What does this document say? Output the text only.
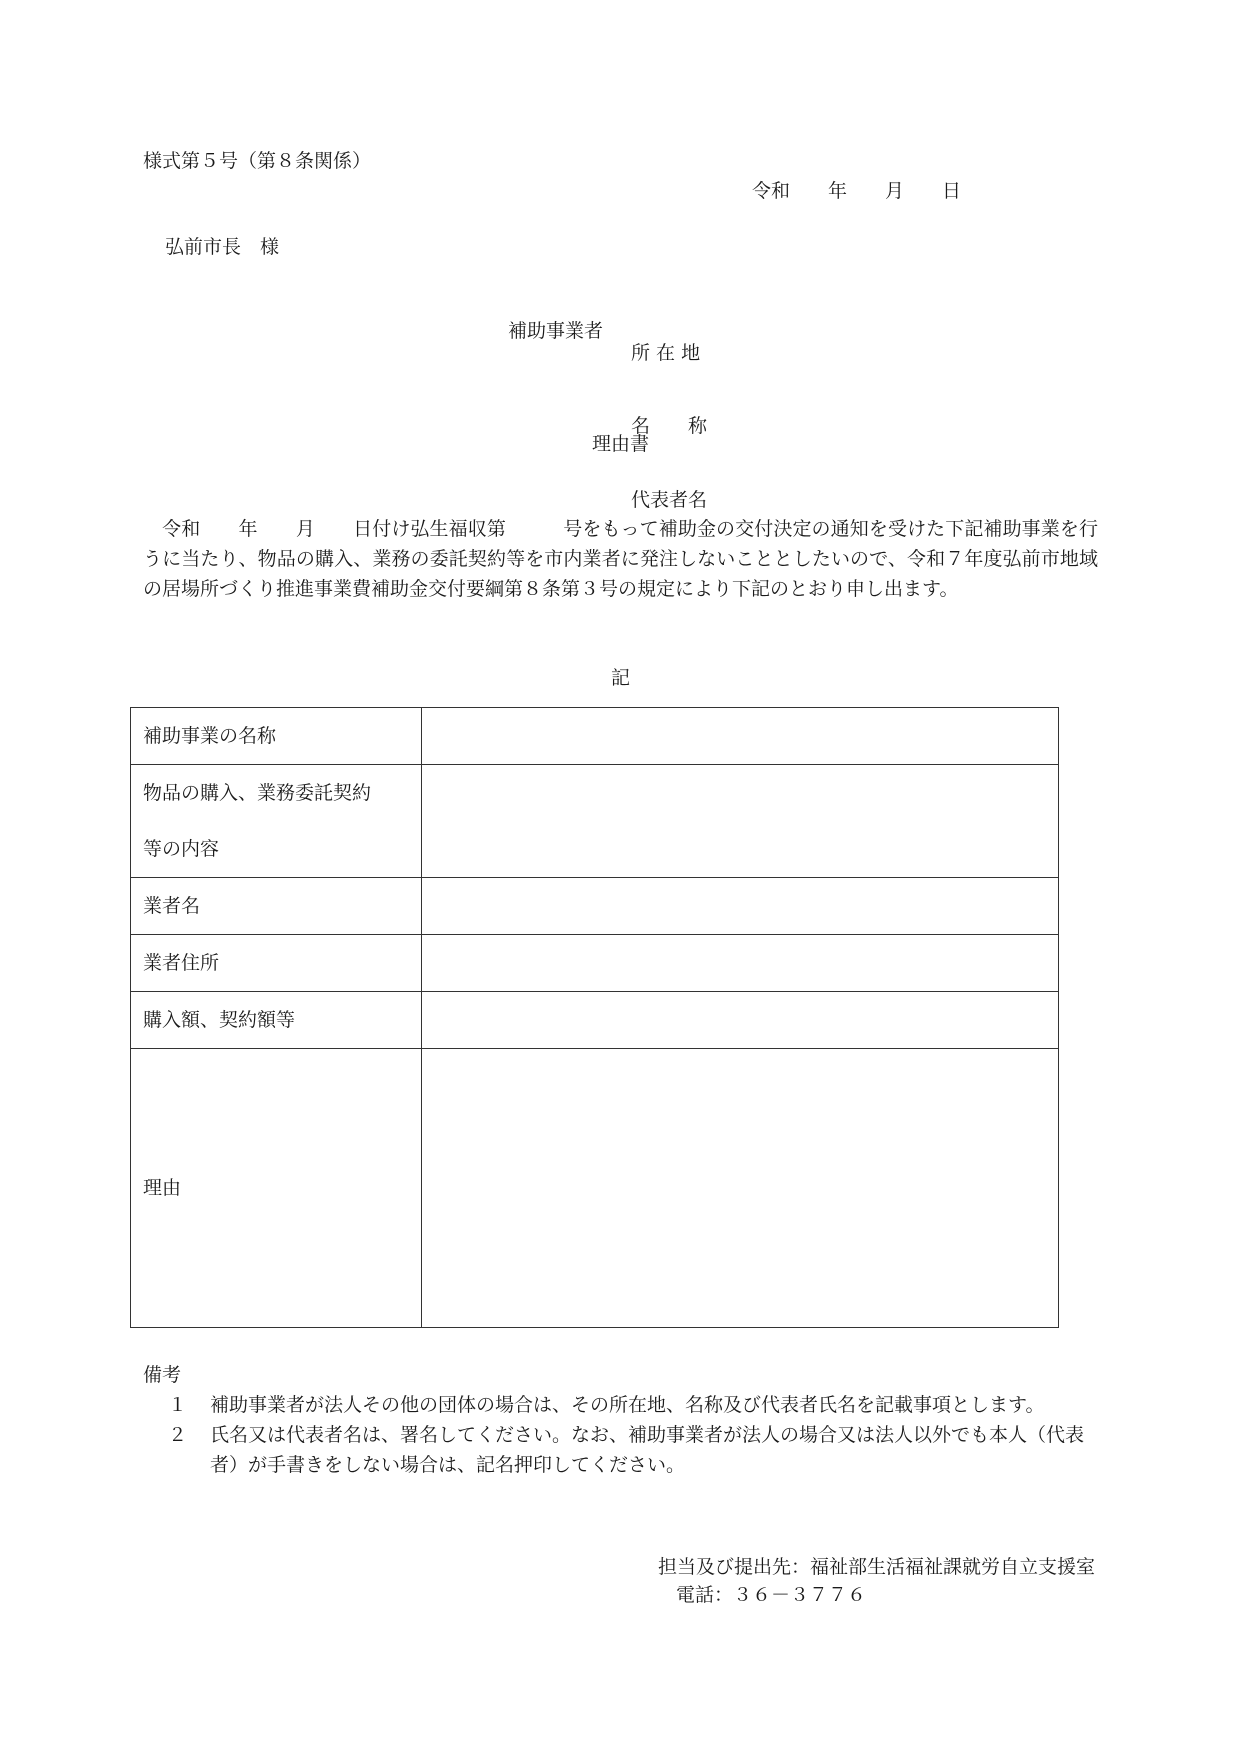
様式第５号（第８条関係）
令和　　年　　月　　日
弘前市長　様
補助事業者

所 在 地

名　　称

代表者名

理由書

　令和　　年　　月　　日付け弘生福収第　　　号をもって補助金の交付決定の通知を受けた下記補助事業を行うに当たり、物品の購入、業務の委託契約等を市内業者に発注しないこととしたいので、令和７年度弘前市地域の居場所づくり推進事業費補助金交付要綱第８条第３号の規定により下記のとおり申し出ます。

記
補助事業の名称	

物品の購入、業務委託契約
等の内容	

業者名	

業者住所	

購入額、契約額等	

理由	

備考
１	補助事業者が法人その他の団体の場合は、その所在地、名称及び代表者氏名を記載事項とします。
２	氏名又は代表者名は、署名してください。なお、補助事業者が法人の場合又は法人以外でも本人（代表者）が手書きをしない場合は、記名押印してください。
担当及び提出先：福祉部生活福祉課就労自立支援室
電話：３６－３７７６
